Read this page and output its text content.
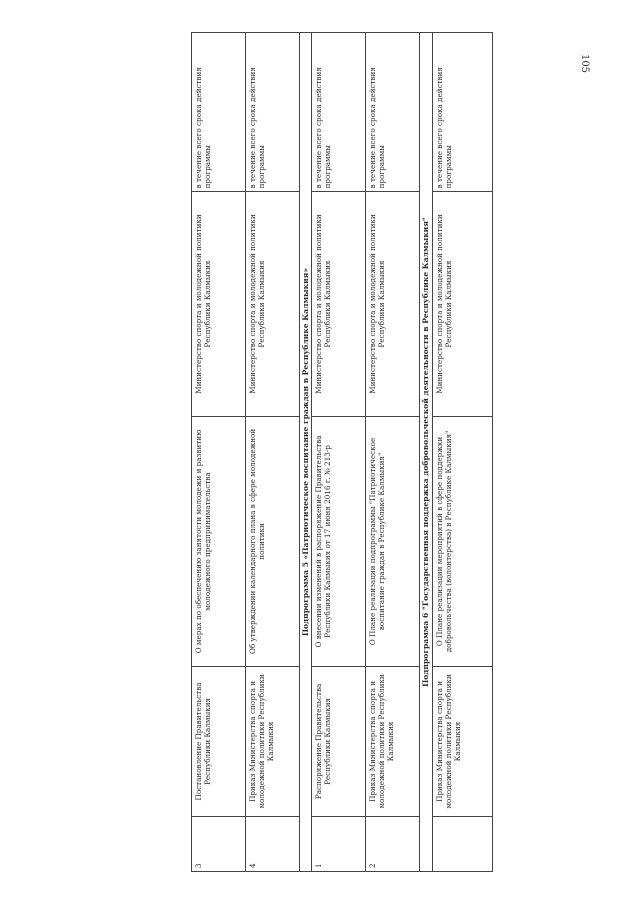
105
3	Постановление Правительства Республики Калмыкия	О мерах по обеспечению занятости молодежи и развитию молодежного предпринимательства	Министерство спорта и молодежной политики Республики Калмыкия	в течение всего срока действия программы
4	Приказ Министерства спорта и молодежной политики Республики Калмыкия	Об утверждении календарного плана в сфере молодежной политики	Министерство спорта и молодежной политики Республики Калмыкия	в течение всего срока действия программы
Подпрограмма 5 «Патриотическое воспитание граждан в Республике Калмыкия»				
1	Распоряжение Правительства Республики Калмыкия	О внесении изменений в распоряжение Правительства Республики Калмыкия от 17 июня 2016 г. № 213-р	Министерство спорта и молодежной политики Республики Калмыкия	в течение всего срока действия программы
2	Приказ Министерства спорта и молодежной политики Республики Калмыкия	О Плане реализации подпрограммы "Патриотическое воспитание граждан в Республике Калмыкия"	Министерство спорта и молодежной политики Республики Калмыкия	в течение всего срока действия программы
Подпрограмма 6 "Государственная поддержка добровольческой деятельности в Республике Калмыкия"				
	Приказ Министерства спорта и молодежной политики Республики Калмыкия	О Плане реализации мероприятий в сфере поддержки добровольчества (волонтерства) в Республике Калмыкия"	Министерство спорта и молодежной политики Республики Калмыкия	в течение всего срока действия программы
